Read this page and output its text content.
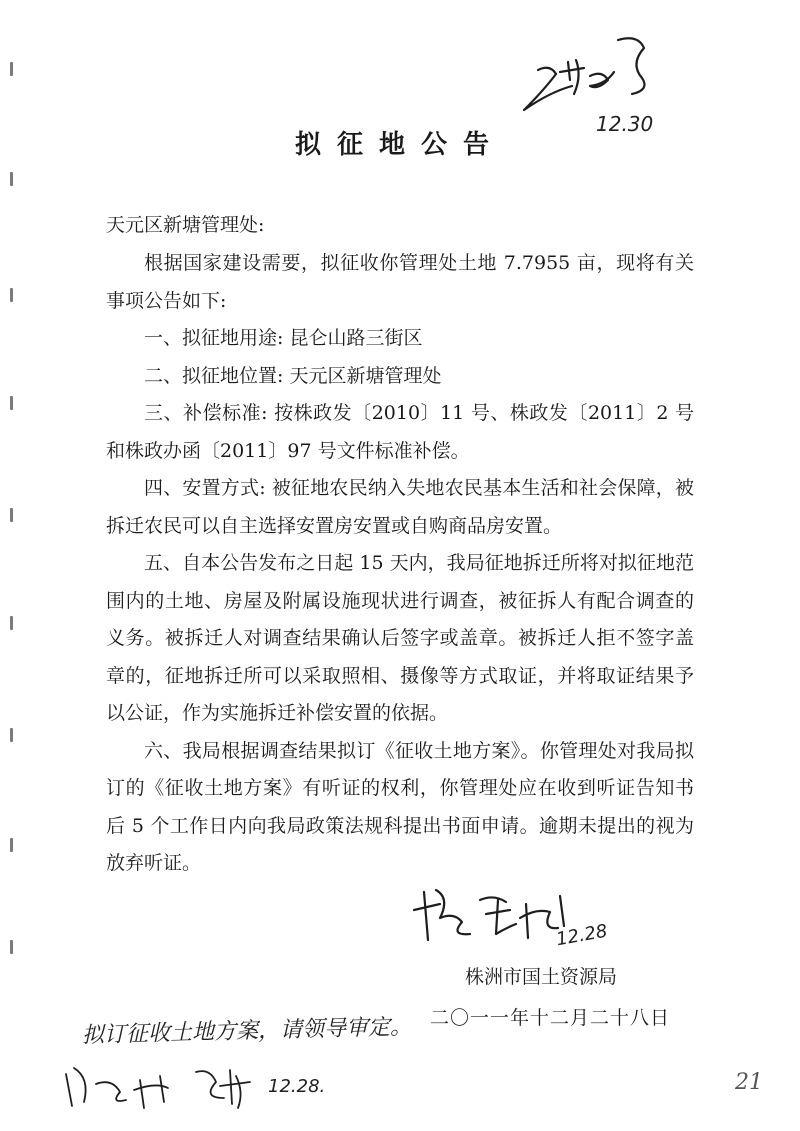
12.30
拟征地公告
天元区新塘管理处:

根据国家建设需要，拟征收你管理处土地 7.7955 亩，现将有关事项公告如下:

一、拟征地用途: 昆仑山路三街区

二、拟征地位置: 天元区新塘管理处

三、补偿标准: 按株政发〔2010〕11 号、株政发〔2011〕2 号和株政办函〔2011〕97 号文件标准补偿。

四、安置方式: 被征地农民纳入失地农民基本生活和社会保障，被拆迁农民可以自主选择安置房安置或自购商品房安置。

五、自本公告发布之日起 15 天内，我局征地拆迁所将对拟征地范围内的土地、房屋及附属设施现状进行调查，被征拆人有配合调查的义务。被拆迁人对调查结果确认后签字或盖章。被拆迁人拒不签字盖章的，征地拆迁所可以采取照相、摄像等方式取证，并将取证结果予以公证，作为实施拆迁补偿安置的依据。

六、我局根据调查结果拟订《征收土地方案》。你管理处对我局拟订的《征收土地方案》有听证的权利，你管理处应在收到听证告知书后 5 个工作日内向我局政策法规科提出书面申请。逾期未提出的视为放弃听证。

12.28
株洲市国土资源局
二〇一一年十二月二十八日
拟订征收土地方案，请领导审定。
12.28.	21
